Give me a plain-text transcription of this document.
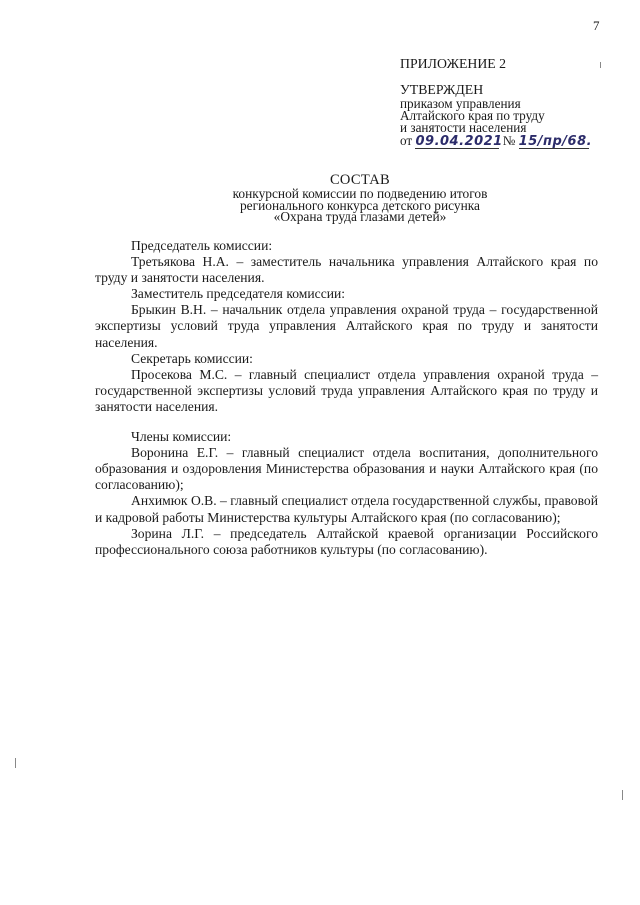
7
ПРИЛОЖЕНИЕ 2
УТВЕРЖДЕН
приказом управления
Алтайского края по труду
и занятости населения
от 09.04.2021 № 15/пр/68.
СОСТАВ
конкурсной комиссии по подведению итогов
регионального конкурса детского рисунка
«Охрана труда глазами детей»

Председатель комиссии:

Третьякова Н.А. – заместитель начальника управления Алтайского края по труду и занятости населения.

Заместитель председателя комиссии:

Брыкин В.Н. – начальник отдела управления охраной труда – государственной экспертизы условий труда управления Алтайского края по труду и занятости населения.

Секретарь комиссии:

Просекова М.С. – главный специалист отдела управления охраной труда – государственной экспертизы условий труда управления Алтайского края по труду и занятости населения.

Члены комиссии:

Воронина Е.Г. – главный специалист отдела воспитания, дополнительного образования и оздоровления Министерства образования и науки Алтайского края (по согласованию);

Анхимюк О.В. – главный специалист отдела государственной службы, правовой и кадровой работы Министерства культуры Алтайского края (по согласованию);

Зорина Л.Г. – председатель Алтайской краевой организации Российского профессионального союза работников культуры (по согласованию).
